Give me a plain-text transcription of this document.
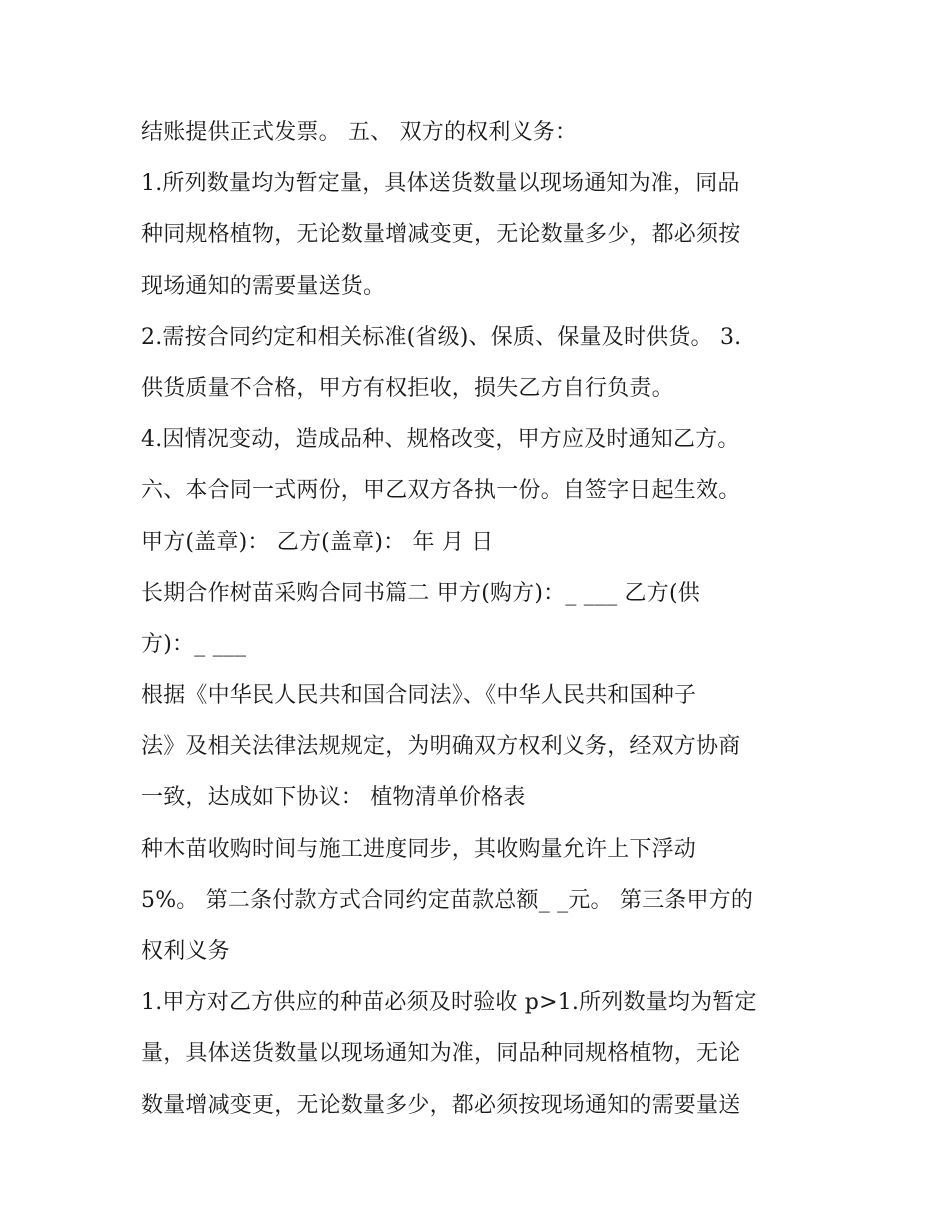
结账提供正式发票。 五、 双方的权利义务：
1.所列数量均为暂定量，具体送货数量以现场通知为准，同品
种同规格植物，无论数量增减变更，无论数量多少，都必须按
现场通知的需要量送货。
2.需按合同约定和相关标准(省级)、保质、保量及时供货。 3.
供货质量不合格，甲方有权拒收，损失乙方自行负责。
4.因情况变动，造成品种、规格改变，甲方应及时通知乙方。
六、本合同一式两份，甲乙双方各执一份。自签字日起生效。
甲方(盖章)： 乙方(盖章)： 年 月 日
长期合作树苗采购合同书篇二 甲方(购方)：_ ___ 乙方(供
方)：_ ___
根据《中华民人民共和国合同法》、《中华人民共和国种子
法》及相关法律法规规定，为明确双方权利义务，经双方协商
一致，达成如下协议： 植物清单价格表
种木苗收购时间与施工进度同步，其收购量允许上下浮动
5%。 第二条付款方式合同约定苗款总额_ _元。 第三条甲方的
权利义务
1.甲方对乙方供应的种苗必须及时验收 p>1.所列数量均为暂定
量，具体送货数量以现场通知为准，同品种同规格植物，无论
数量增减变更，无论数量多少，都必须按现场通知的需要量送
